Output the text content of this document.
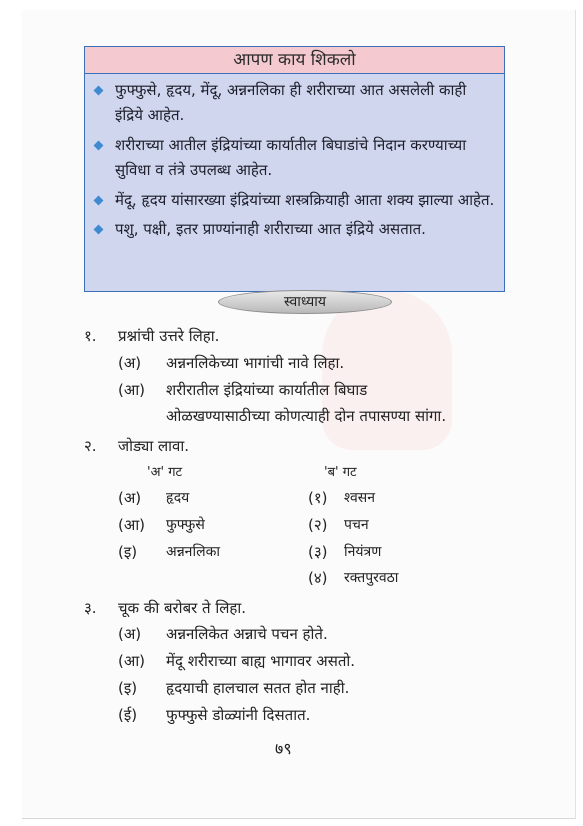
आपण काय शिकलो
फुफ्फुसे, हृदय, मेंदू, अन्ननलिका ही शरीराच्या आत असलेली काही इंद्रिये आहेत.
शरीराच्या आतील इंद्रियांच्या कार्यातील बिघाडांचे निदान करण्याच्या सुविधा व तंत्रे उपलब्ध आहेत.
मेंदू, हृदय यांसारख्या इंद्रियांच्या शस्त्रक्रियाही आता शक्य झाल्या आहेत.
पशु, पक्षी, इतर प्राण्यांनाही शरीराच्या आत इंद्रिये असतात.
स्वाध्याय
१. प्रश्नांची उत्तरे लिहा.
(अ) अन्ननलिकेच्या भागांची नावे लिहा.
(आ) शरीरातील इंद्रियांच्या कार्यातील बिघाड
ओळखण्यासाठीच्या कोणत्याही दोन तपासण्या सांगा.
२. जोड्या लावा.
'अ' गट	'ब' गट
(अ) हृदय
(आ) फुफ्फुसे
(इ) अन्ननलिका
(१) श्वसन
(२) पचन
(३) नियंत्रण
(४) रक्तपुरवठा
३. चूक की बरोबर ते लिहा.
(अ) अन्ननलिकेत अन्नाचे पचन होते.
(आ) मेंदू शरीराच्या बाह्य भागावर असतो.
(इ) हृदयाची हालचाल सतत होत नाही.
(ई) फुफ्फुसे डोळ्यांनी दिसतात.
७९
